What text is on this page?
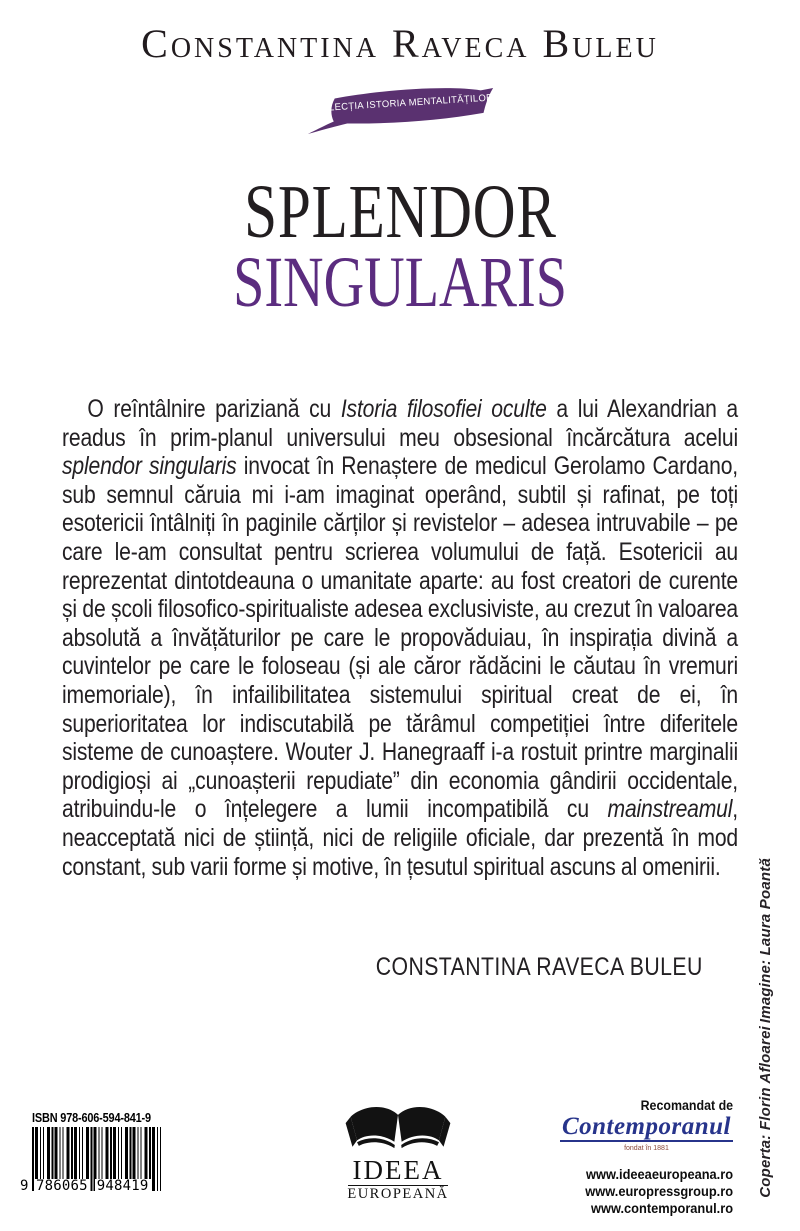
Constantina Raveca Buleu
COLECȚIA ISTORIA MENTALITĂȚILOR
SPLENDOR
SINGULARIS
O reîntâlnire pariziană cu Istoria filosofiei oculte a lui Alexandrian a readus în prim-planul universului meu obsesional încărcătura acelui splendor singularis invocat în Renaștere de medicul Gerolamo Cardano, sub semnul căruia mi i-am imaginat operând, subtil și rafinat, pe toți esotericii întâlniți în paginile cărților și revistelor – adesea intruvabile – pe care le-am consultat pentru scrierea volumului de față. Esotericii au reprezentat dintotdeauna o umanitate aparte: au fost creatori de curente și de școli filosofico-spiritualiste adesea exclusiviste, au crezut în valoarea absolută a învățăturilor pe care le propovăduiau, în inspirația divină a cuvintelor pe care le foloseau (și ale căror rădăcini le căutau în vremuri imemoriale), în infailibilitatea sistemului spiritual creat de ei, în superioritatea lor indiscutabilă pe tărâmul competiției între diferitele sisteme de cunoaștere. Wouter J. Hanegraaff i-a rostuit printre marginalii prodigioși ai „cunoașterii repudiate” din economia gândirii occidentale, atribuindu-le o înțelegere a lumii incompatibilă cu mainstreamul, neacceptată nici de știință, nici de religiile oficiale, dar prezentă în mod constant, sub varii forme și motive, în țesutul spiritual ascuns al omenirii.
CONSTANTINA RAVECA BULEU	Imagine: Laura Poantă
Coperta: Florin Afloarei
ISBN 978-606-594-841-9
9 786065 948419
IDEEA
EUROPEANĂ
Recomandat de
Contemporanul
fondat în 1881
www.ideeaeuropeana.ro
www.europressgroup.ro
www.contemporanul.ro
